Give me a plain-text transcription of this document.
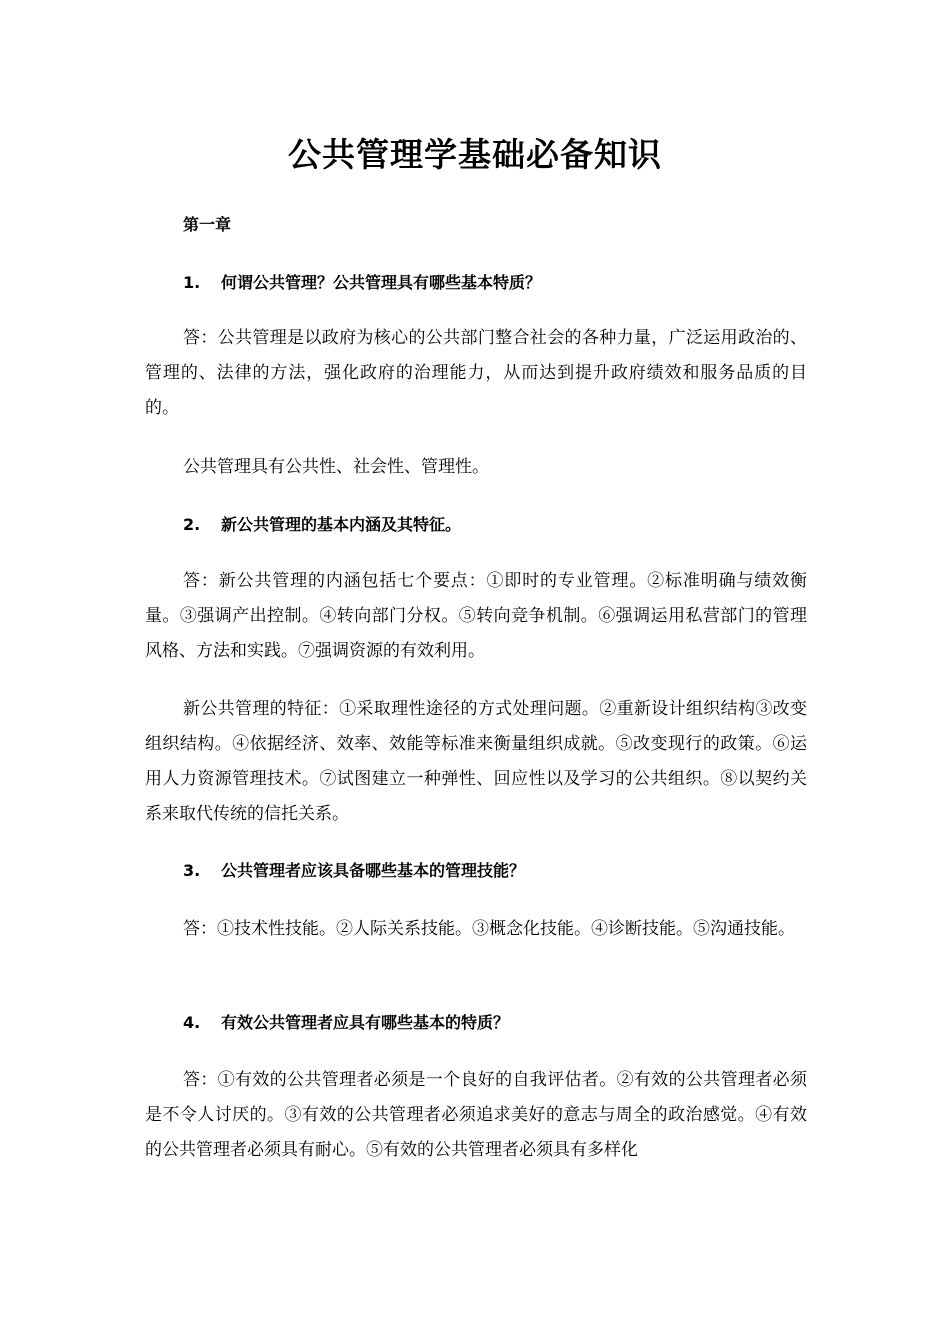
公共管理学基础必备知识
第一章
1. 何谓公共管理？公共管理具有哪些基本特质？
答：公共管理是以政府为核心的公共部门整合社会的各种力量，广泛运用政治的、管理的、法律的方法，强化政府的治理能力，从而达到提升政府绩效和服务品质的目的。
公共管理具有公共性、社会性、管理性。
2. 新公共管理的基本内涵及其特征。
答：新公共管理的内涵包括七个要点：①即时的专业管理。②标准明确与绩效衡量。③强调产出控制。④转向部门分权。⑤转向竞争机制。⑥强调运用私营部门的管理风格、方法和实践。⑦强调资源的有效利用。
新公共管理的特征：①采取理性途径的方式处理问题。②重新设计组织结构③改变组织结构。④依据经济、效率、效能等标准来衡量组织成就。⑤改变现行的政策。⑥运用人力资源管理技术。⑦试图建立一种弹性、回应性以及学习的公共组织。⑧以契约关系来取代传统的信托关系。
3. 公共管理者应该具备哪些基本的管理技能？
答：①技术性技能。②人际关系技能。③概念化技能。④诊断技能。⑤沟通技能。
4. 有效公共管理者应具有哪些基本的特质？
答：①有效的公共管理者必须是一个良好的自我评估者。②有效的公共管理者必须是不令人讨厌的。③有效的公共管理者必须追求美好的意志与周全的政治感觉。④有效的公共管理者必须具有耐心。⑤有效的公共管理者必须具有多样化
